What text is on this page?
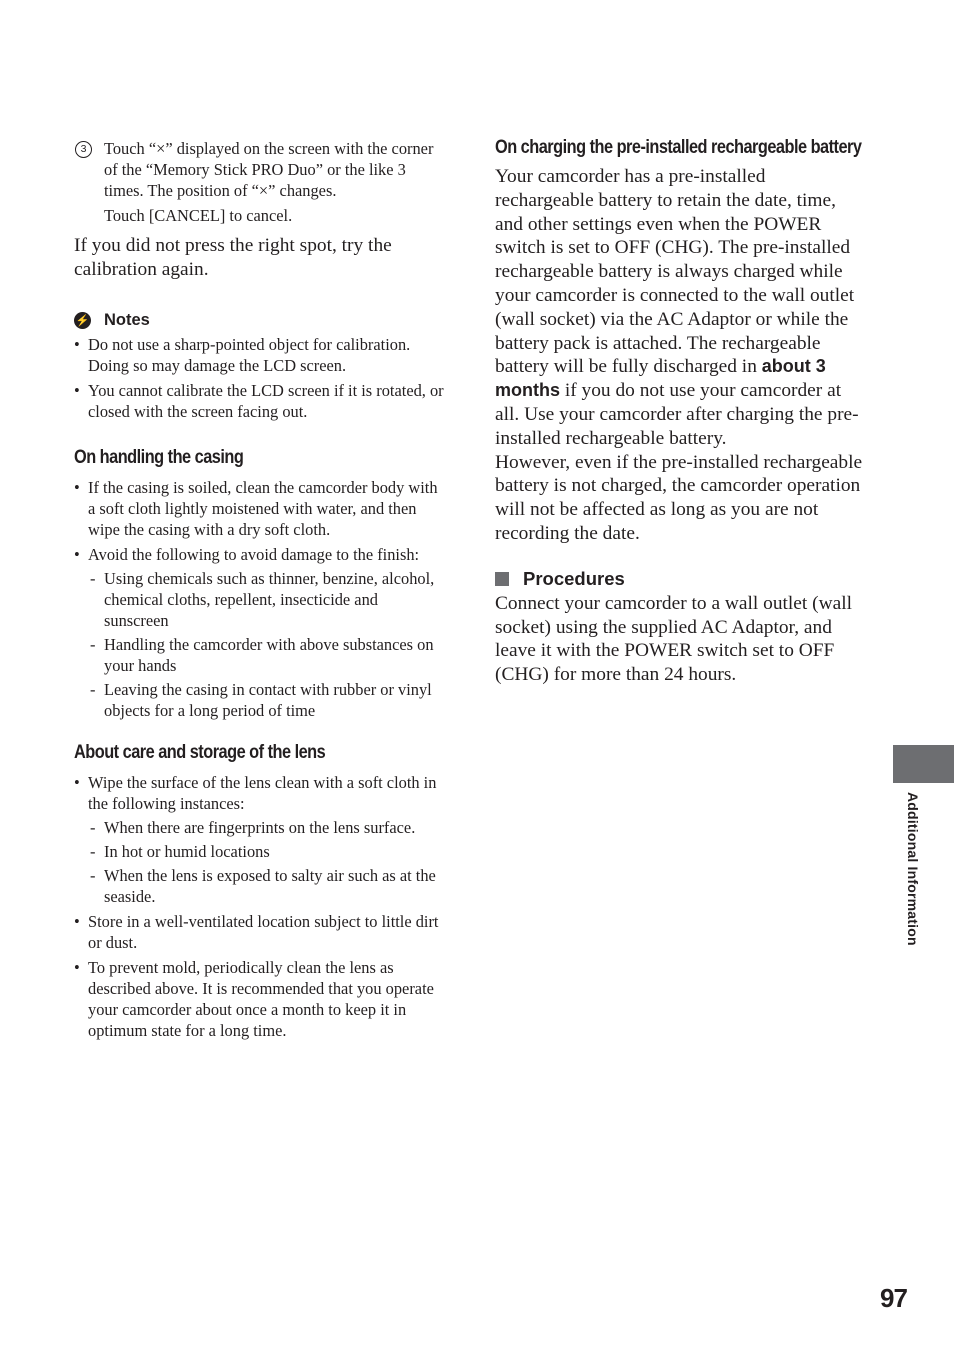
3	Touch “×” displayed on the screen with the corner of the “Memory Stick PRO Duo” or the like 3 times. The position of “×” changes.
Touch [CANCEL] to cancel.

If you did not press the right spot, try the calibration again.

⚡ Notes
• Do not use a sharp-pointed object for calibration. Doing so may damage the LCD screen.
• You cannot calibrate the LCD screen if it is rotated, or closed with the screen facing out.
On handling the casing
• If the casing is soiled, clean the camcorder body with a soft cloth lightly moistened with water, and then wipe the casing with a dry soft cloth.
• Avoid the following to avoid damage to the finish:
- Using chemicals such as thinner, benzine, alcohol, chemical cloths, repellent, insecticide and sunscreen
- Handling the camcorder with above substances on your hands
- Leaving the casing in contact with rubber or vinyl objects for a long period of time
About care and storage of the lens
• Wipe the surface of the lens clean with a soft cloth in the following instances:
- When there are fingerprints on the lens surface.
- In hot or humid locations
- When the lens is exposed to salty air such as at the seaside.
• Store in a well-ventilated location subject to little dirt or dust.
• To prevent mold, periodically clean the lens as described above. It is recommended that you operate your camcorder about once a month to keep it in optimum state for a long time.
On charging the pre-installed rechargeable battery

Your camcorder has a pre-installed rechargeable battery to retain the date, time, and other settings even when the POWER switch is set to OFF (CHG). The pre-installed rechargeable battery is always charged while your camcorder is connected to the wall outlet (wall socket) via the AC Adaptor or while the battery pack is attached. The rechargeable battery will be fully discharged in about 3 months if you do not use your camcorder at all. Use your camcorder after charging the pre-installed rechargeable battery.

However, even if the pre-installed rechargeable battery is not charged, the camcorder operation will not be affected as long as you are not recording the date.

Procedures

Connect your camcorder to a wall outlet (wall socket) using the supplied AC Adaptor, and leave it with the POWER switch set to OFF (CHG) for more than 24 hours.

Additional Information
97
